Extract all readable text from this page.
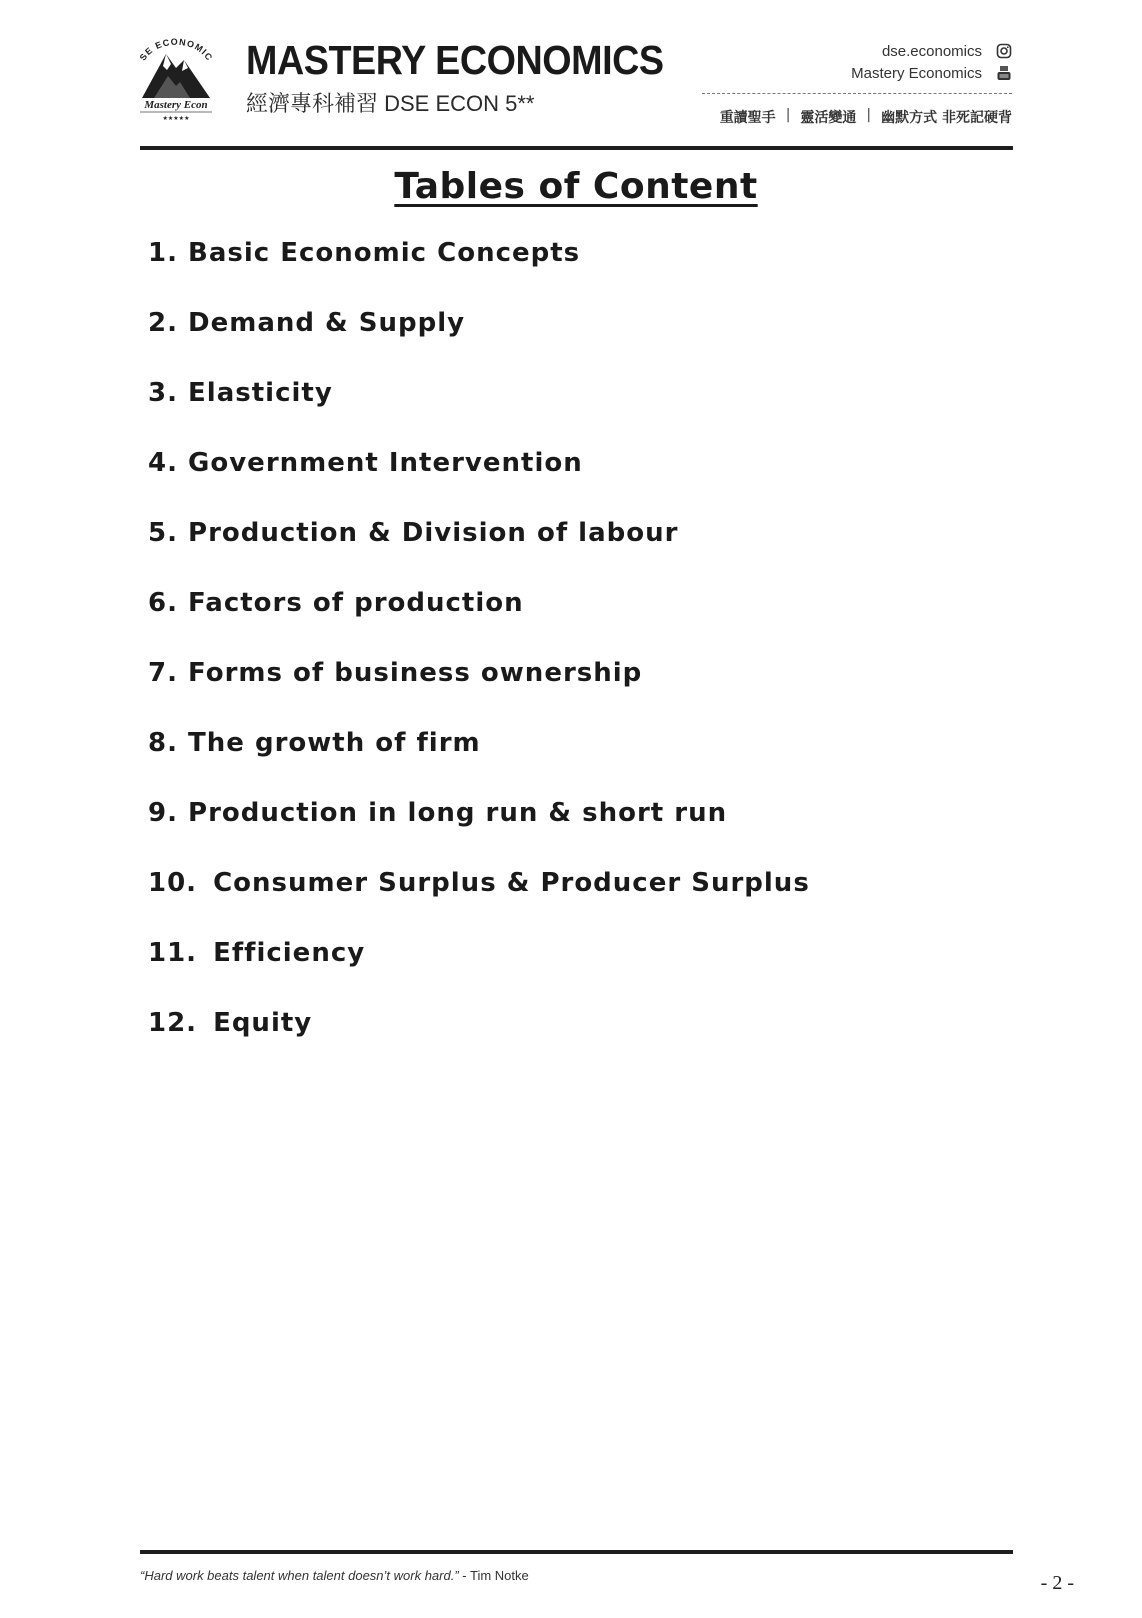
SE ECONOMIC
Mastery Econ
★★★★★
MASTERY ECONOMICS
經濟專科補習 DSE ECON 5**
dse.economics
Mastery Economics
重讀聖手 | 靈活變通 | 幽默方式 非死記硬背
Tables of Content
1. Basic Economic Concepts
2. Demand & Supply
3. Elasticity
4. Government Intervention
5. Production & Division of labour
6. Factors of production
7. Forms of business ownership
8. The growth of firm
9. Production in long run & short run
10. Consumer Surplus & Producer Surplus
11. Efficiency
12. Equity
“Hard work beats talent when talent doesn’t work hard.” - Tim Notke	- 2 -
